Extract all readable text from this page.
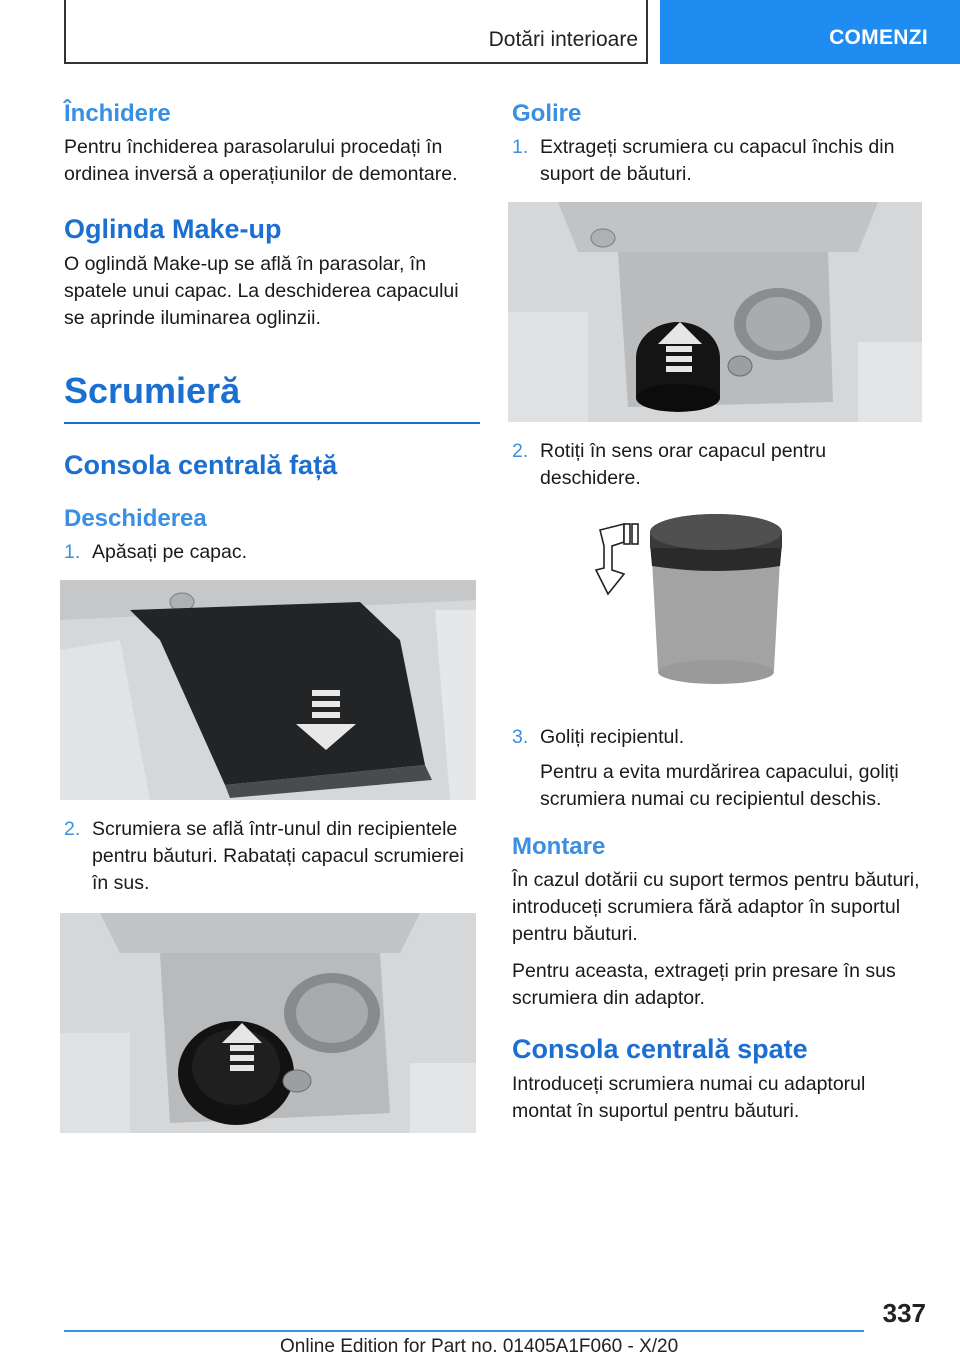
Dotări interioare	COMENZI
Închidere

Pentru închiderea parasolarului procedați în ordinea inversă a operațiunilor de demontare.

Oglinda Make-up

O oglindă Make-up se află în parasolar, în spatele unui capac. La deschiderea capacului se aprinde iluminarea oglinzii.

Scrumieră
Consola centrală față
Deschiderea
1. Apăsați pe capac.
2. Scrumiera se află într-unul din recipientele pentru băuturi. Rabatați capacul scrumierei în sus.
Golire
1. Extrageți scrumiera cu capacul închis din suport de băuturi.
2. Rotiți în sens orar capacul pentru deschidere.
3. Goliți recipientul.

Pentru a evita murdărirea capacului, goliți scrumiera numai cu recipientul deschis.

Montare

În cazul dotării cu suport termos pentru băuturi, introduceți scrumiera fără adaptor în suportul pentru băuturi.

Pentru aceasta, extrageți prin presare în sus scrumiera din adaptor.

Consola centrală spate

Introduceți scrumiera numai cu adaptorul montat în suportul pentru băuturi.

337
Online Edition for Part no. 01405A1F060 - X/20
